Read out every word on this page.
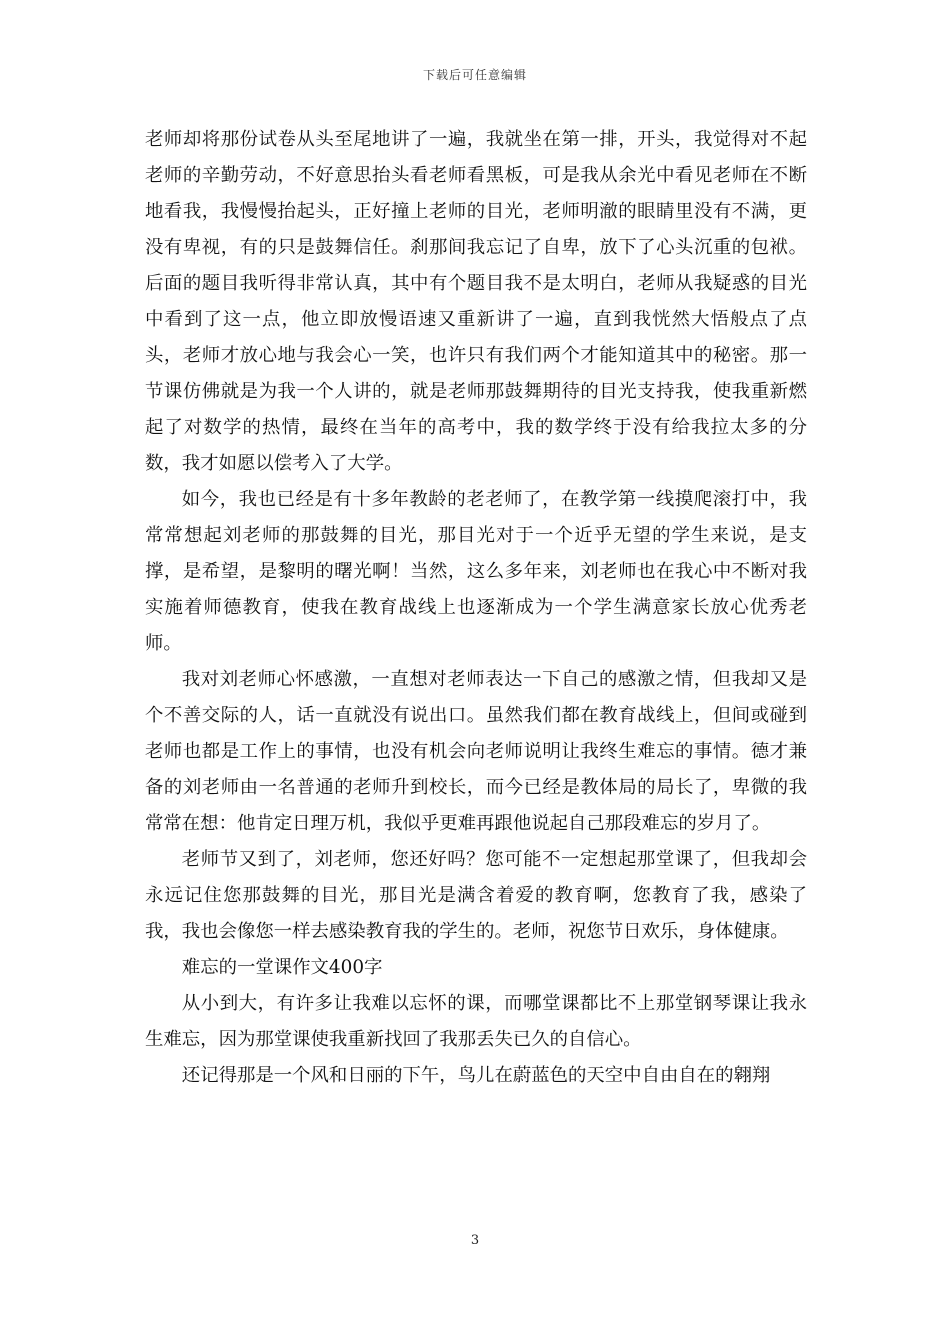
下载后可任意编辑

老师却将那份试卷从头至尾地讲了一遍，我就坐在第一排，开头，我觉得对不起老师的辛勤劳动，不好意思抬头看老师看黑板，可是我从余光中看见老师在不断地看我，我慢慢抬起头，正好撞上老师的目光，老师明澈的眼睛里没有不满，更没有卑视，有的只是鼓舞信任。刹那间我忘记了自卑，放下了心头沉重的包袱。后面的题目我听得非常认真，其中有个题目我不是太明白，老师从我疑惑的目光中看到了这一点，他立即放慢语速又重新讲了一遍，直到我恍然大悟般点了点头，老师才放心地与我会心一笑，也许只有我们两个才能知道其中的秘密。那一节课仿佛就是为我一个人讲的，就是老师那鼓舞期待的目光支持我，使我重新燃起了对数学的热情，最终在当年的高考中，我的数学终于没有给我拉太多的分数，我才如愿以偿考入了大学。

如今，我也已经是有十多年教龄的老老师了，在教学第一线摸爬滚打中，我常常想起刘老师的那鼓舞的目光，那目光对于一个近乎无望的学生来说，是支撑，是希望，是黎明的曙光啊！当然，这么多年来，刘老师也在我心中不断对我实施着师德教育，使我在教育战线上也逐渐成为一个学生满意家长放心优秀老师。

我对刘老师心怀感激，一直想对老师表达一下自己的感激之情，但我却又是个不善交际的人，话一直就没有说出口。虽然我们都在教育战线上，但间或碰到老师也都是工作上的事情，也没有机会向老师说明让我终生难忘的事情。德才兼备的刘老师由一名普通的老师升到校长，而今已经是教体局的局长了，卑微的我常常在想：他肯定日理万机，我似乎更难再跟他说起自己那段难忘的岁月了。

老师节又到了，刘老师，您还好吗？您可能不一定想起那堂课了，但我却会永远记住您那鼓舞的目光，那目光是满含着爱的教育啊，您教育了我，感染了我，我也会像您一样去感染教育我的学生的。老师，祝您节日欢乐，身体健康。

难忘的一堂课作文400字

从小到大，有许多让我难以忘怀的课，而哪堂课都比不上那堂钢琴课让我永生难忘，因为那堂课使我重新找回了我那丢失已久的自信心。

还记得那是一个风和日丽的下午，鸟儿在蔚蓝色的天空中自由自在的翱翔

3
